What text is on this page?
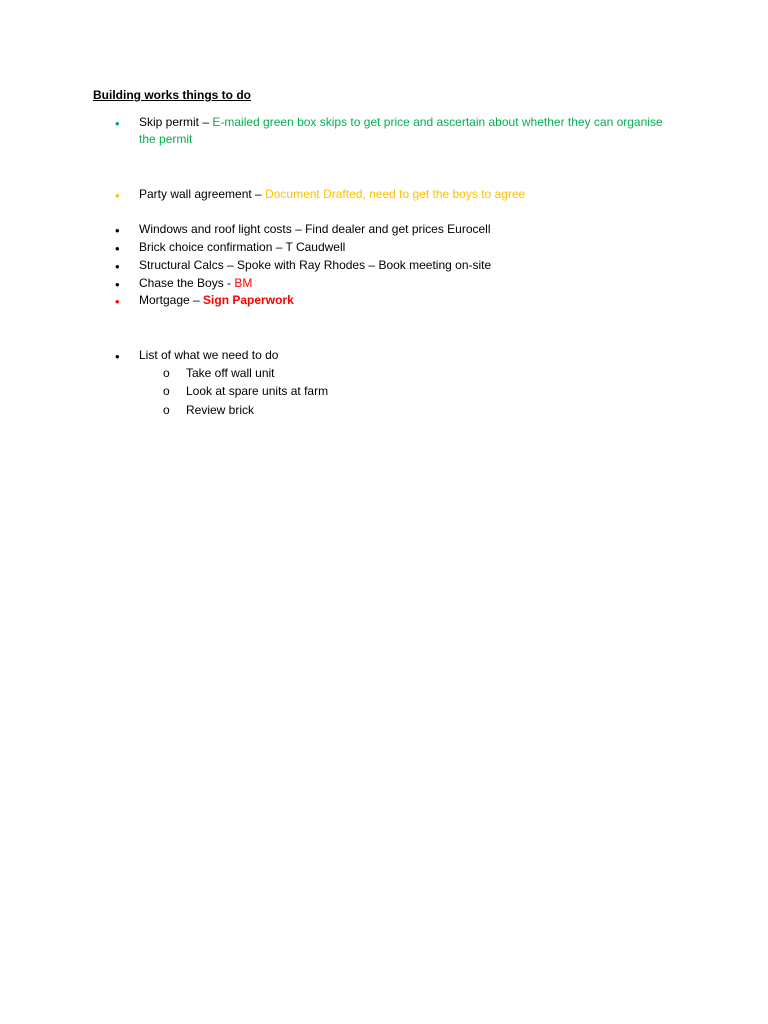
Building works things to do
•	Skip permit – E-mailed green box skips to get price and ascertain about whether they can organise the permit
•	Party wall agreement – Document Drafted, need to get the boys to agree
•	Windows and roof light costs – Find dealer and get prices Eurocell
•	Brick choice confirmation – T Caudwell
•	Structural Calcs – Spoke with Ray Rhodes – Book meeting on-site
•	Chase the Boys - BM
•	Mortgage – Sign Paperwork
•	List of what we need to do
o Take off wall unit
o Look at spare units at farm
o Review brick
